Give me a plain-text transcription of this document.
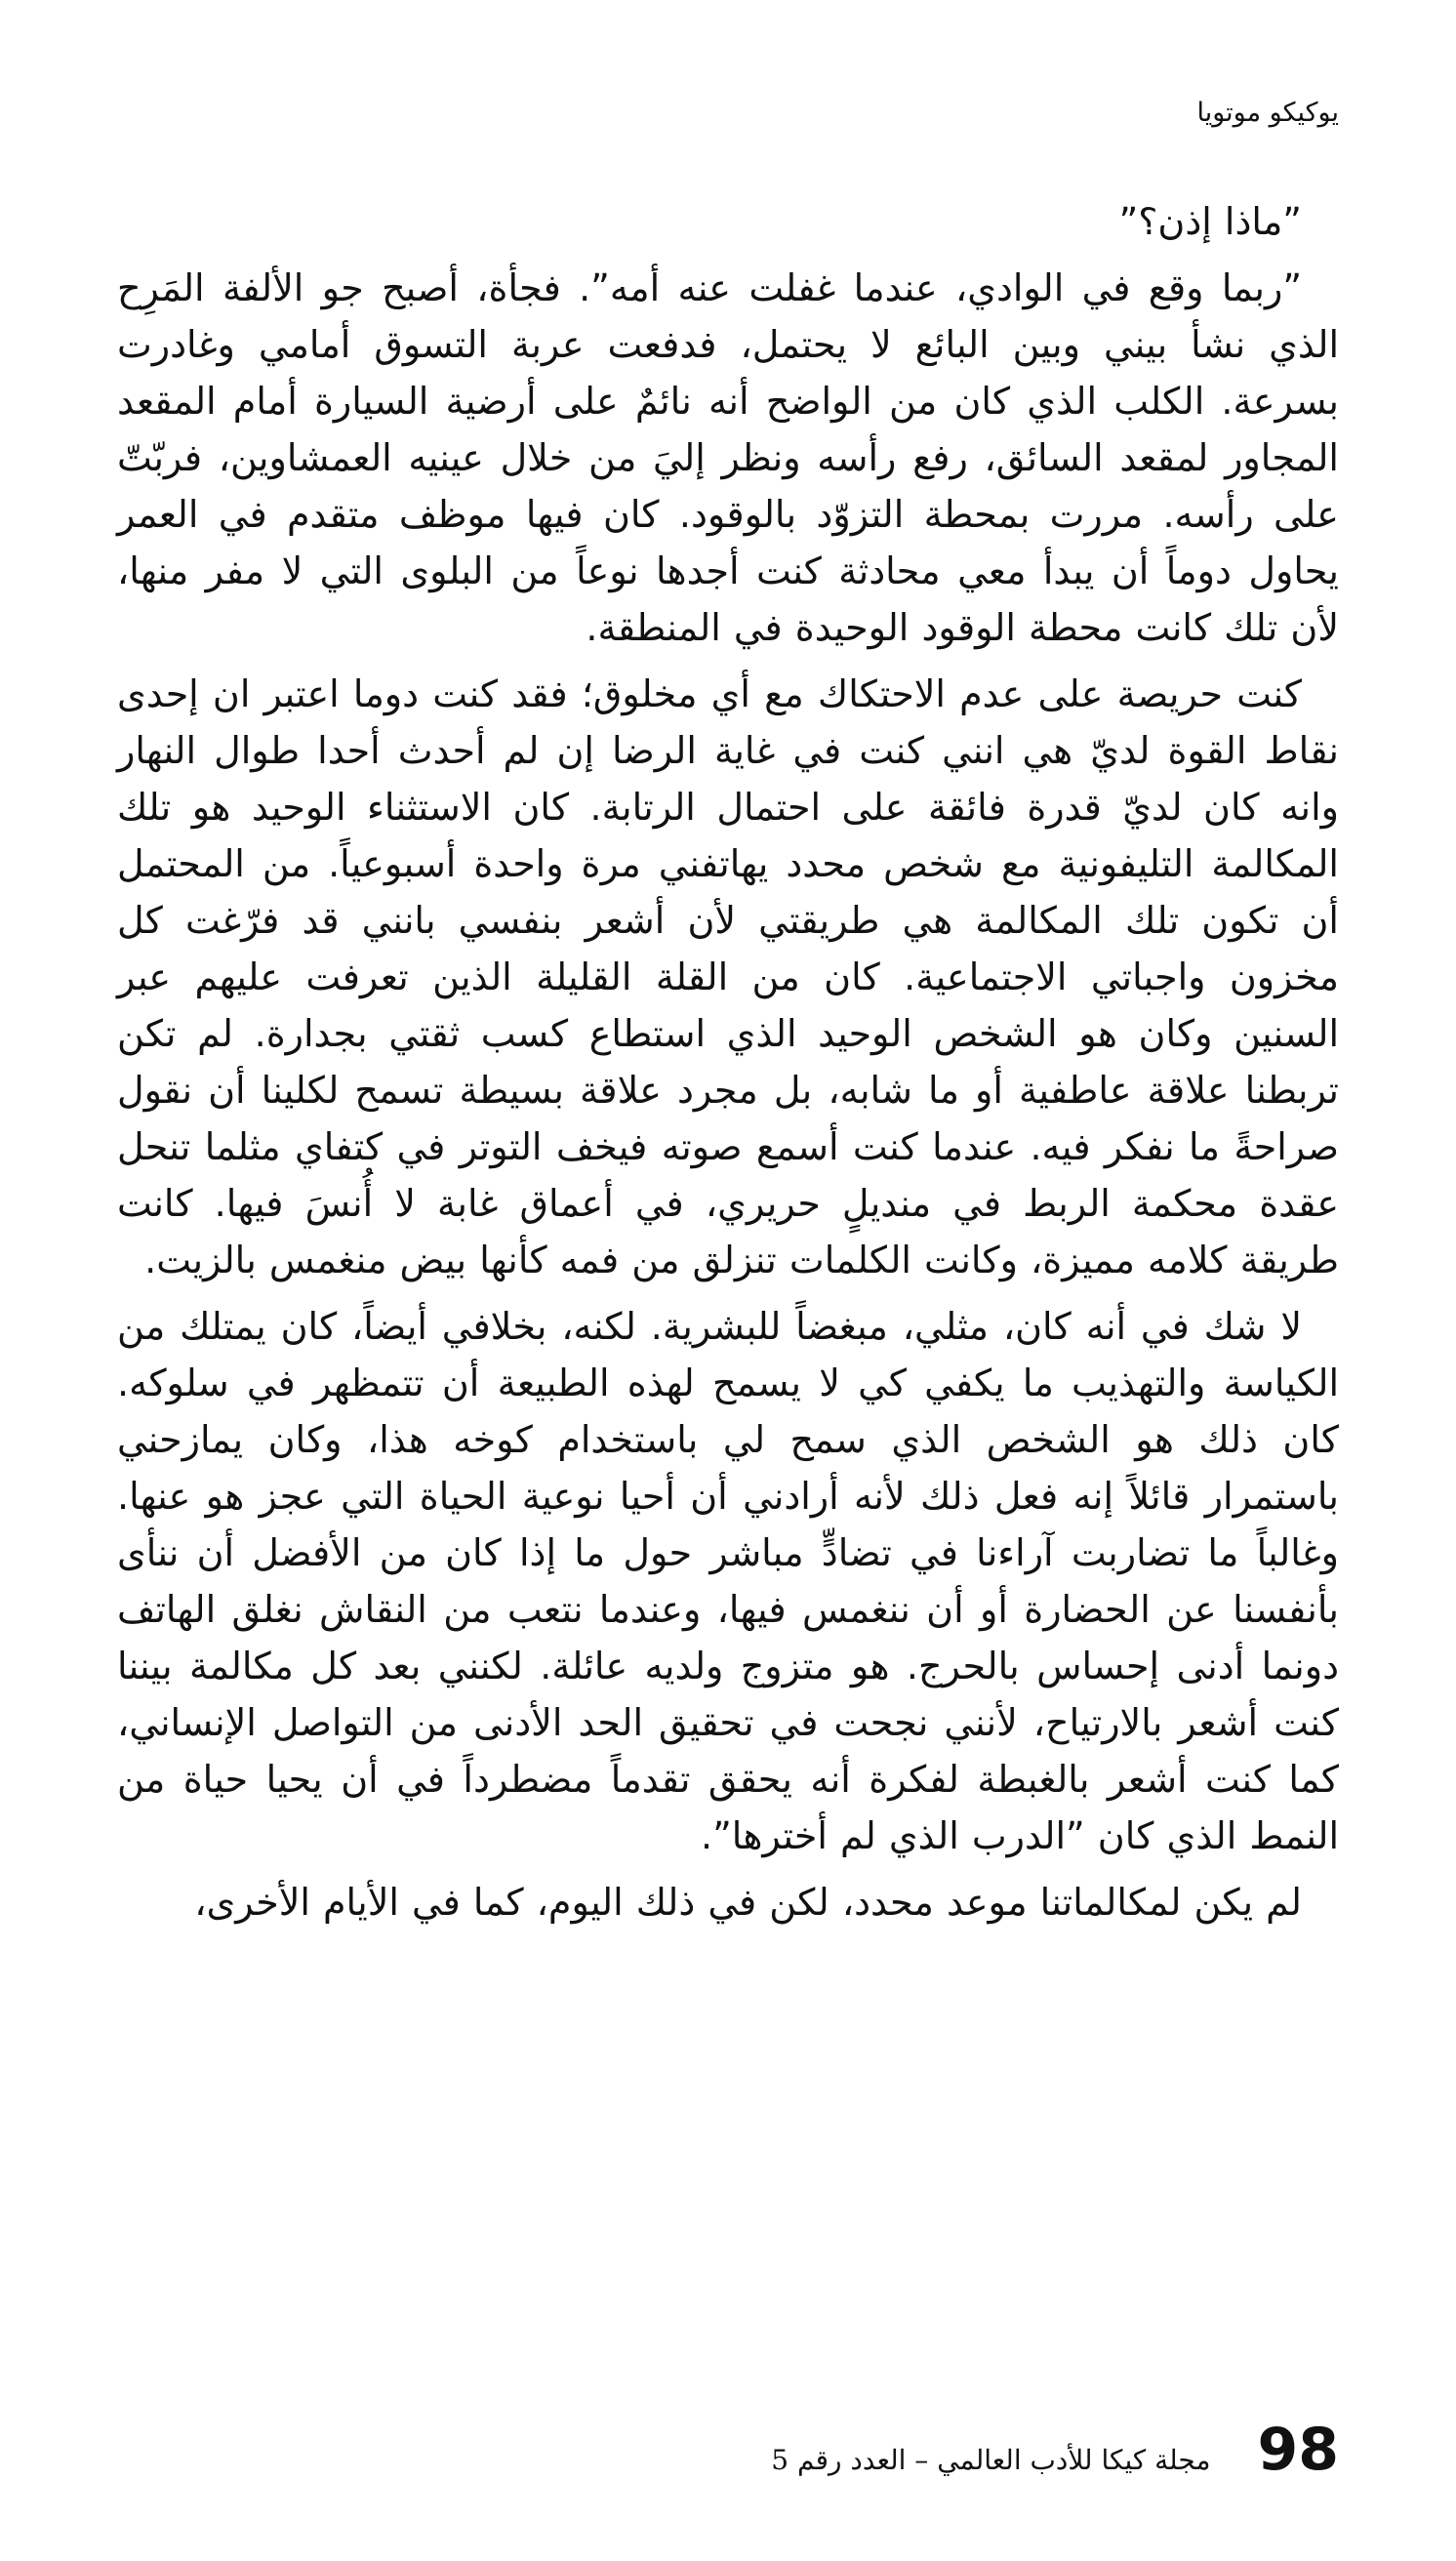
يوكيكو موتويا

”ماذا إذن؟”

”ربما وقع في الوادي، عندما غفلت عنه أمه”. فجأة، أصبح جو الألفة المَرِح الذي نشأ بيني وبين البائع لا يحتمل، فدفعت عربة التسوق أمامي وغادرت بسرعة. الكلب الذي كان من الواضح أنه نائمٌ على أرضية السيارة أمام المقعد المجاور لمقعد السائق، رفع رأسه ونظر إليَ من خلال عينيه العمشاوين، فربّتّ على رأسه. مررت بمحطة التزوّد بالوقود. كان فيها موظف متقدم في العمر يحاول دوماً أن يبدأ معي محادثة كنت أجدها نوعاً من البلوى التي لا مفر منها، لأن تلك كانت محطة الوقود الوحيدة في المنطقة.

كنت حريصة على عدم الاحتكاك مع أي مخلوق؛ فقد كنت دوما اعتبر ان إحدى نقاط القوة لديّ هي انني كنت في غاية الرضا إن لم أحدث أحدا طوال النهار وانه كان لديّ قدرة فائقة على احتمال الرتابة. كان الاستثناء الوحيد هو تلك المكالمة التليفونية مع شخص محدد يهاتفني مرة واحدة أسبوعياً. من المحتمل أن تكون تلك المكالمة هي طريقتي لأن أشعر بنفسي بانني قد فرّغت كل مخزون واجباتي الاجتماعية. كان من القلة القليلة الذين تعرفت عليهم عبر السنين وكان هو الشخص الوحيد الذي استطاع كسب ثقتي بجدارة. لم تكن تربطنا علاقة عاطفية أو ما شابه، بل مجرد علاقة بسيطة تسمح لكلينا أن نقول صراحةً ما نفكر فيه. عندما كنت أسمع صوته فيخف التوتر في كتفاي مثلما تنحل عقدة محكمة الربط في منديلٍ حريري، في أعماق غابة لا أُنسَ فيها. كانت طريقة كلامه مميزة، وكانت الكلمات تنزلق من فمه كأنها بيض منغمس بالزيت.

لا شك في أنه كان، مثلي، مبغضاً للبشرية. لكنه، بخلافي أيضاً، كان يمتلك من الكياسة والتهذيب ما يكفي كي لا يسمح لهذه الطبيعة أن تتمظهر في سلوكه. كان ذلك هو الشخص الذي سمح لي باستخدام كوخه هذا، وكان يمازحني باستمرار قائلاً إنه فعل ذلك لأنه أرادني أن أحيا نوعية الحياة التي عجز هو عنها. وغالباً ما تضاربت آراءنا في تضادٍّ مباشر حول ما إذا كان من الأفضل أن ننأى بأنفسنا عن الحضارة أو أن ننغمس فيها، وعندما نتعب من النقاش نغلق الهاتف دونما أدنى إحساس بالحرج. هو متزوج ولديه عائلة. لكنني بعد كل مكالمة بيننا كنت أشعر بالارتياح، لأنني نجحت في تحقيق الحد الأدنى من التواصل الإنساني، كما كنت أشعر بالغبطة لفكرة أنه يحقق تقدماً مضطرداً في أن يحيا حياة من النمط الذي كان ”الدرب الذي لم أخترها”.

لم يكن لمكالماتنا موعد محدد، لكن في ذلك اليوم، كما في الأيام الأخرى،

98
مجلة كيكا للأدب العالمي – العدد رقم 5
